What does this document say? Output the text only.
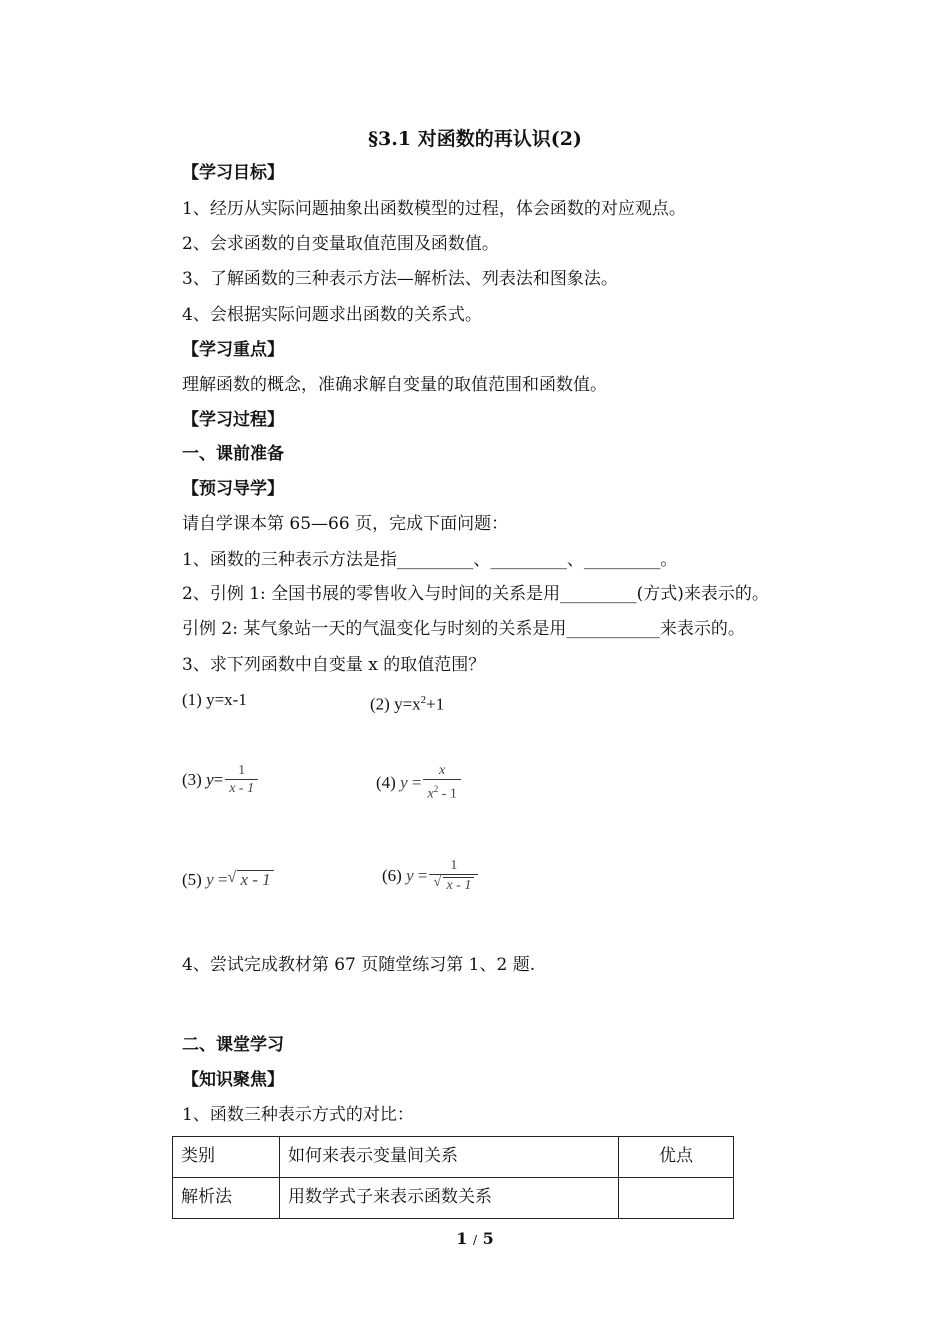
§3.1 对函数的再认识(2)
【学习目标】
1、经历从实际问题抽象出函数模型的过程，体会函数的对应观点。
2、会求函数的自变量取值范围及函数值。
3、了解函数的三种表示方法—解析法、列表法和图象法。
4、会根据实际问题求出函数的关系式。
【学习重点】
理解函数的概念，准确求解自变量的取值范围和函数值。
【学习过程】
一、课前准备
【预习导学】
请自学课本第 65—66 页，完成下面问题：
1、函数的三种表示方法是指_________、_________、_________。
2、引例 1: 全国书展的零售收入与时间的关系是用_________(方式)来表示的。
引例 2: 某气象站一天的气温变化与时刻的关系是用___________来表示的。
3、求下列函数中自变量 x 的取值范围？
(1) y=x-1	(2) $y=x^2+1$
(3) $y= \frac{1}{x - 1}$	(4) $y = \frac{x}{x^2 - 1}$
(5) y = √ x - 1	(6) $y = \frac{1}{√ x - 1}$
4、尝试完成教材第 67 页随堂练习第 1、2 题.
二、课堂学习
【知识聚焦】
1、函数三种表示方式的对比：
类别	如何来表示变量间关系	优点
解析法	用数学式子来表示函数关系	
1 / 5
